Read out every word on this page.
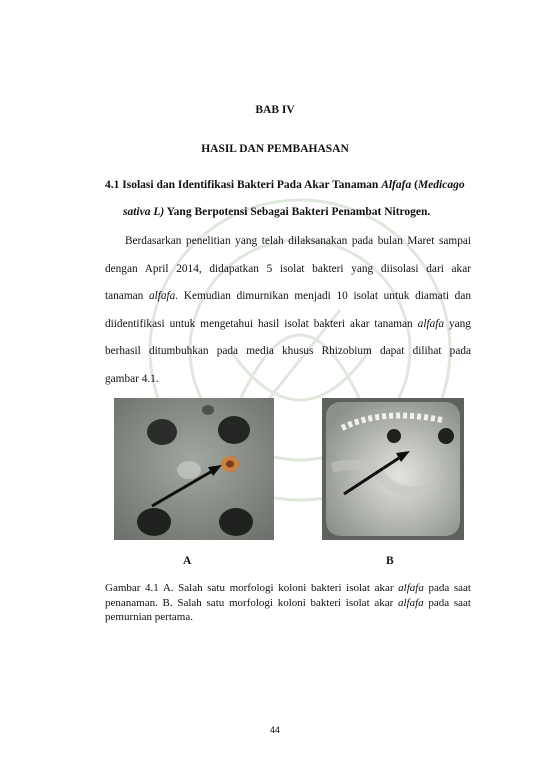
BAB IV
HASIL DAN PEMBAHASAN
4.1 Isolasi dan Identifikasi Bakteri Pada Akar Tanaman Alfafa (Medicago
sativa L) Yang Berpotensi Sebagai Bakteri Penambat Nitrogen.
Berdasarkan penelitian yang telah dilaksanakan pada bulan Maret sampai
dengan April 2014, didapatkan 5 isolat bakteri yang diisolasi dari akar
tanaman alfafa. Kemudian dimurnikan menjadi 10 isolat untuk diamati dan
diidentifikasi untuk mengetahui hasil isolat bakteri akar tanaman alfafa yang
berhasil ditumbuhkan pada media khusus Rhizobium dapat dilihat pada
gambar 4.1.
A	B
Gambar 4.1 A. Salah satu morfologi koloni bakteri isolat akar alfafa pada saat penanaman. B. Salah satu morfologi koloni bakteri isolat akar alfafa pada saat pemurnian pertama.
44
